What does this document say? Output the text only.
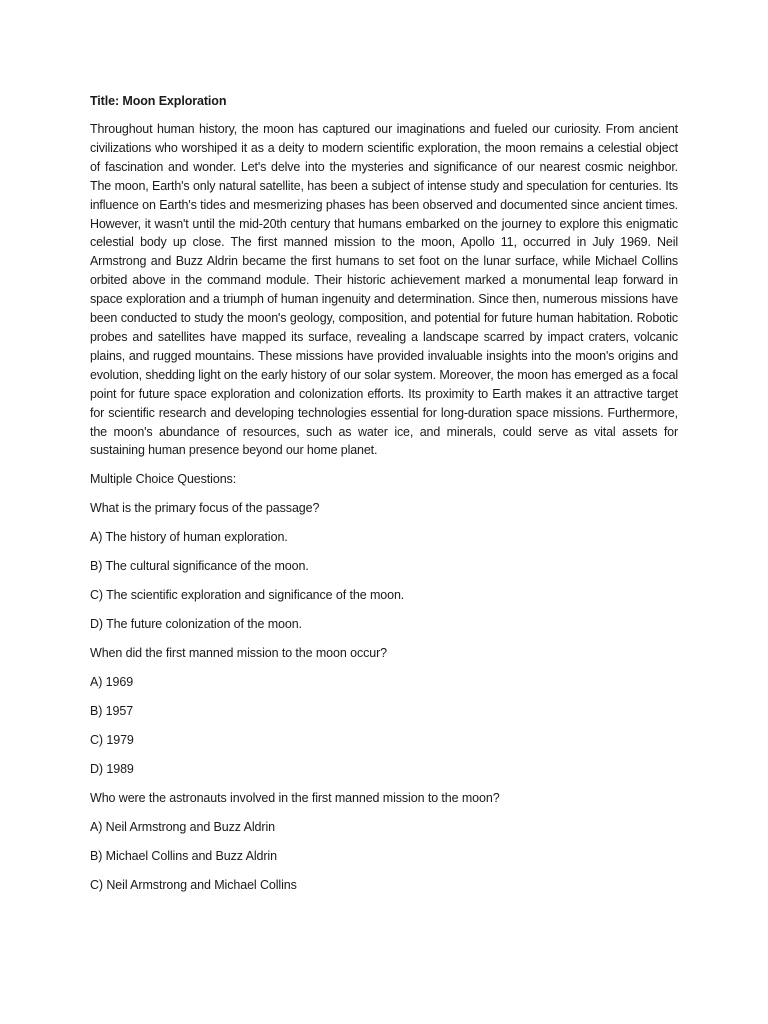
Title: Moon Exploration

Throughout human history, the moon has captured our imaginations and fueled our curiosity. From ancient civilizations who worshiped it as a deity to modern scientific exploration, the moon remains a celestial object of fascination and wonder. Let's delve into the mysteries and significance of our nearest cosmic neighbor. The moon, Earth's only natural satellite, has been a subject of intense study and speculation for centuries. Its influence on Earth's tides and mesmerizing phases has been observed and documented since ancient times. However, it wasn't until the mid-20th century that humans embarked on the journey to explore this enigmatic celestial body up close. The first manned mission to the moon, Apollo 11, occurred in July 1969. Neil Armstrong and Buzz Aldrin became the first humans to set foot on the lunar surface, while Michael Collins orbited above in the command module. Their historic achievement marked a monumental leap forward in space exploration and a triumph of human ingenuity and determination. Since then, numerous missions have been conducted to study the moon's geology, composition, and potential for future human habitation. Robotic probes and satellites have mapped its surface, revealing a landscape scarred by impact craters, volcanic plains, and rugged mountains. These missions have provided invaluable insights into the moon's origins and evolution, shedding light on the early history of our solar system. Moreover, the moon has emerged as a focal point for future space exploration and colonization efforts. Its proximity to Earth makes it an attractive target for scientific research and developing technologies essential for long-duration space missions. Furthermore, the moon's abundance of resources, such as water ice, and minerals, could serve as vital assets for sustaining human presence beyond our home planet.

Multiple Choice Questions:

What is the primary focus of the passage?

A) The history of human exploration.

B) The cultural significance of the moon.

C) The scientific exploration and significance of the moon.

D) The future colonization of the moon.

When did the first manned mission to the moon occur?

A) 1969

B) 1957

C) 1979

D) 1989

Who were the astronauts involved in the first manned mission to the moon?

A) Neil Armstrong and Buzz Aldrin

B) Michael Collins and Buzz Aldrin

C) Neil Armstrong and Michael Collins
